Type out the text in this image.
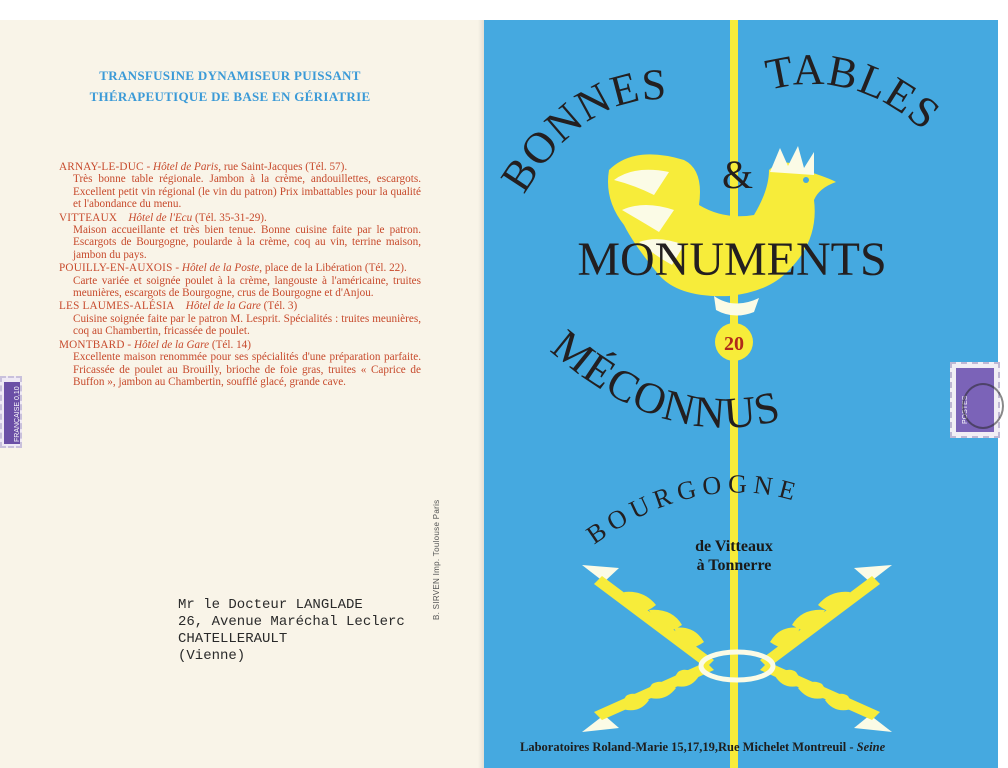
TRANSFUSINE DYNAMISEUR PUISSANT
THÉRAPEUTIQUE DE BASE EN GÉRIATRIE
ARNAY-LE-DUC - Hôtel de Paris, rue Saint-Jacques (Tél. 57).
Très bonne table régionale. Jambon à la crème, andouillettes, escargots. Excellent petit vin régional (le vin du patron) Prix imbattables pour la qualité et l'abondance du menu.
VITTEAUX Hôtel de l'Ecu (Tél. 35-31-29).
Maison accueillante et très bien tenue. Bonne cuisine faite par le patron. Escargots de Bourgogne, poularde à la crème, coq au vin, terrine maison, jambon du pays.
POUILLY-EN-AUXOIS - Hôtel de la Poste, place de la Libération (Tél. 22).
Carte variée et soignée poulet à la crème, langouste à l'américaine, truites meunières, escargots de Bourgogne, crus de Bourgogne et d'Anjou.
LES LAUMES-ALÉSIA Hôtel de la Gare (Tél. 3)
Cuisine soignée faite par le patron M. Lesprit. Spécialités : truites meunières, coq au Chambertin, fricassée de poulet.
MONTBARD - Hôtel de la Gare (Tél. 14)
Excellente maison renommée pour ses spécialités d'une préparation parfaite. Fricassée de poulet au Brouilly, brioche de foie gras, truites « Caprice de Buffon », jambon au Chambertin, soufflé glacé, grande cave.
B. SIRVEN Imp. Toulouse Paris
Mr le Docteur LANGLADE
26, Avenue Maréchal Leclerc
CHATELLERAULT
(Vienne)
FRANÇAISE 0,10
BONNES TABLES
&
MONUMENTS
20
MÉCONNUS
BOURGOGNE
de Vitteaux
à Tonnerre
Laboratoires Roland-Marie 15,17,19,Rue Michelet Montreuil - Seine
POSTES
